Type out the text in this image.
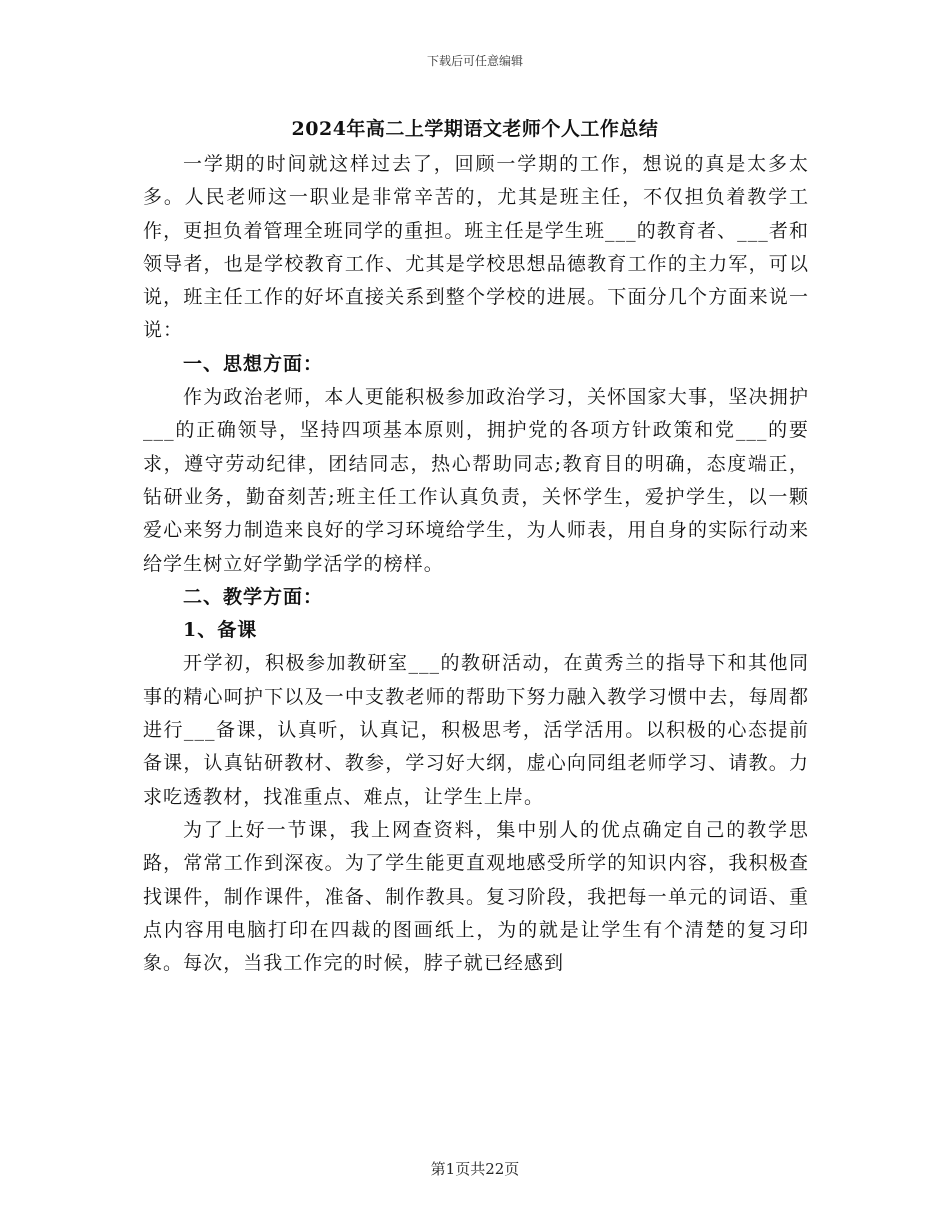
下载后可任意编辑
2024年高二上学期语文老师个人工作总结

一学期的时间就这样过去了，回顾一学期的工作，想说的真是太多太多。人民老师这一职业是非常辛苦的，尤其是班主任，不仅担负着教学工作，更担负着管理全班同学的重担。班主任是学生班___的教育者、___者和领导者，也是学校教育工作、尤其是学校思想品德教育工作的主力军，可以说，班主任工作的好坏直接关系到整个学校的进展。下面分几个方面来说一说：

一、思想方面：

作为政治老师，本人更能积极参加政治学习，关怀国家大事，坚决拥护___的正确领导，坚持四项基本原则，拥护党的各项方针政策和党___的要求，遵守劳动纪律，团结同志，热心帮助同志;教育目的明确，态度端正，钻研业务，勤奋刻苦;班主任工作认真负责，关怀学生，爱护学生，以一颗爱心来努力制造来良好的学习环境给学生，为人师表，用自身的实际行动来给学生树立好学勤学活学的榜样。

二、教学方面：

1、备课

开学初，积极参加教研室___的教研活动，在黄秀兰的指导下和其他同事的精心呵护下以及一中支教老师的帮助下努力融入教学习惯中去，每周都进行___备课，认真听，认真记，积极思考，活学活用。以积极的心态提前备课，认真钻研教材、教参，学习好大纲，虚心向同组老师学习、请教。力求吃透教材，找准重点、难点，让学生上岸。

为了上好一节课，我上网查资料，集中别人的优点确定自己的教学思路，常常工作到深夜。为了学生能更直观地感受所学的知识内容，我积极查找课件，制作课件，准备、制作教具。复习阶段，我把每一单元的词语、重点内容用电脑打印在四裁的图画纸上，为的就是让学生有个清楚的复习印象。每次，当我工作完的时候，脖子就已经感到

第1页共22页
